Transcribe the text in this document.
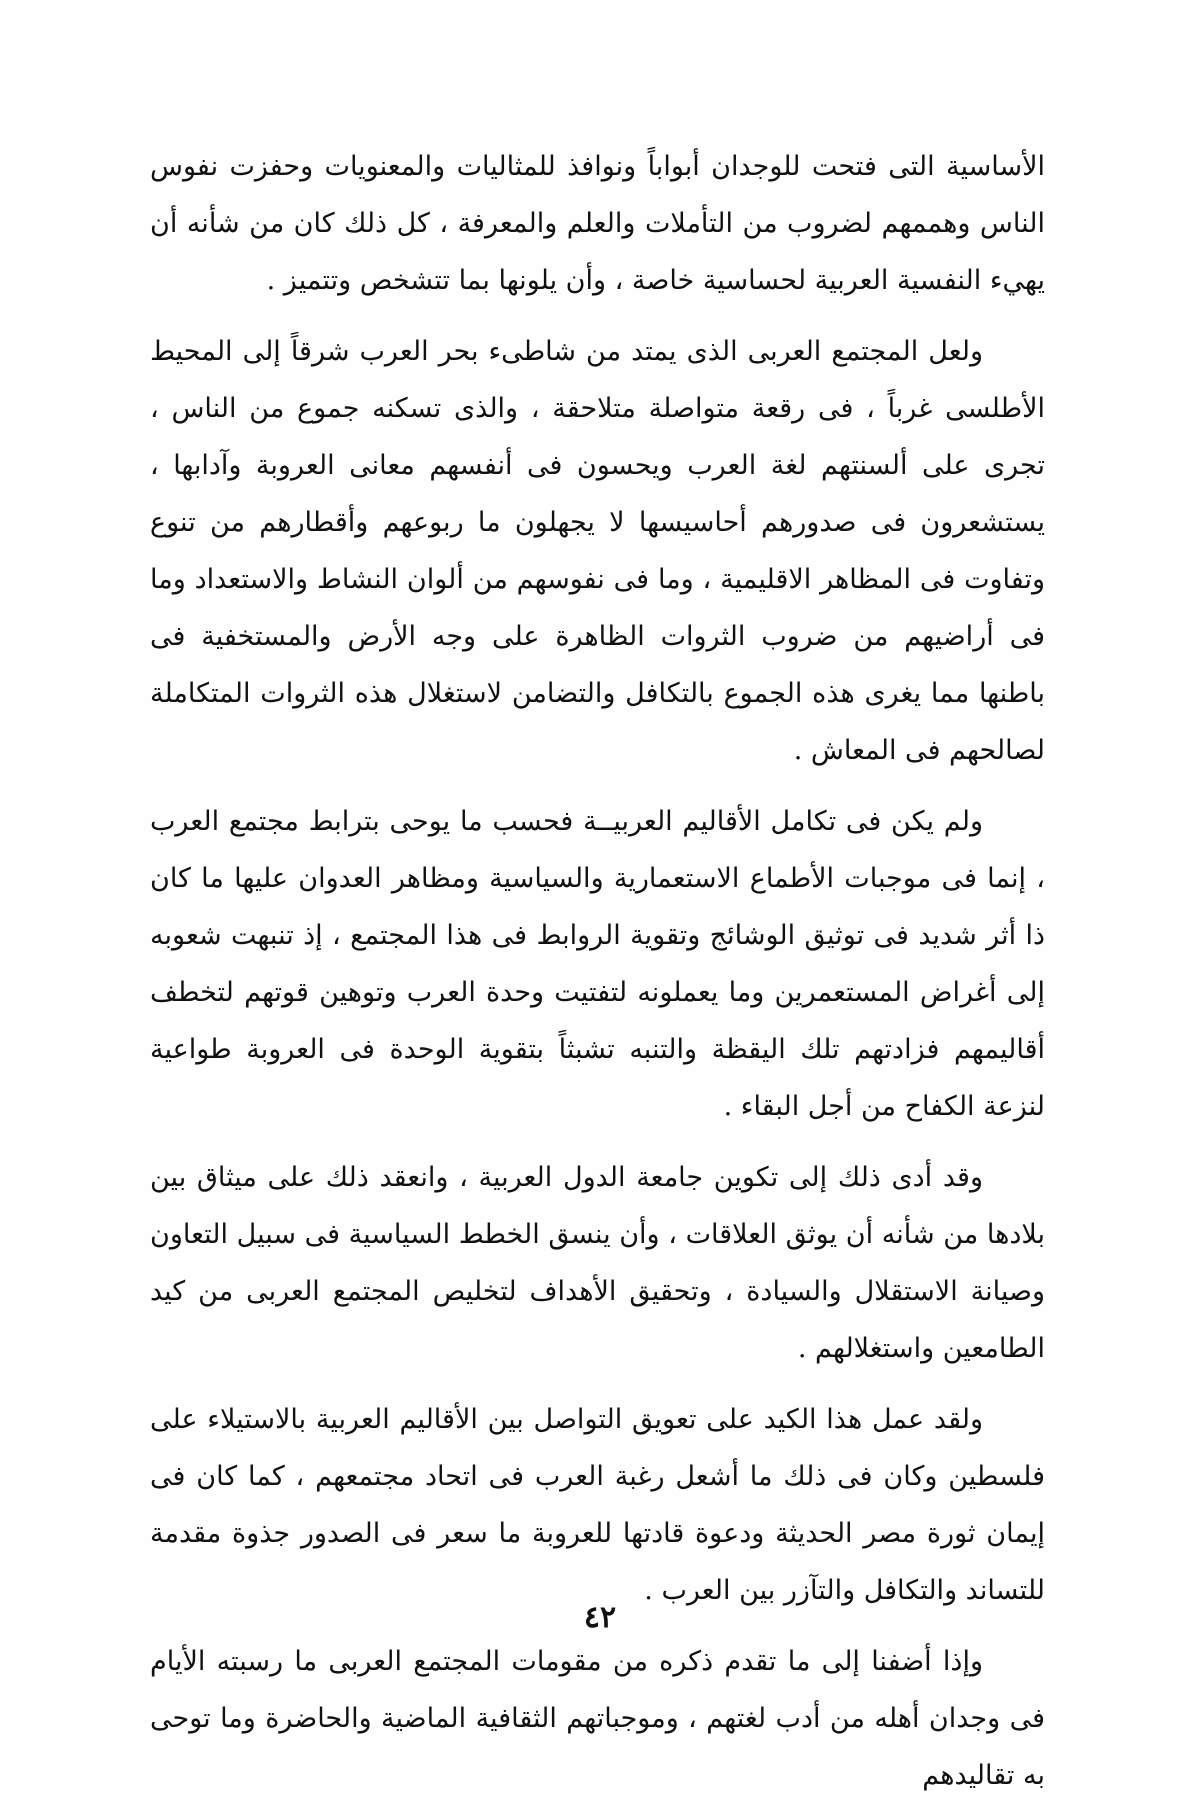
الأساسية التى فتحت للوجدان أبواباً ونوافذ للمثاليات والمعنويات وحفزت نفوس الناس وهممهم لضروب من التأملات والعلم والمعرفة ، كل ذلك كان من شأنه أن يهيء النفسية العربية لحساسية خاصة ، وأن يلونها بما تتشخص وتتميز .

ولعل المجتمع العربى الذى يمتد من شاطىء بحر العرب شرقاً إلى المحيط الأطلسى غرباً ، فى رقعة متواصلة متلاحقة ، والذى تسكنه جموع من الناس ، تجرى على ألسنتهم لغة العرب ويحسون فى أنفسهم معانى العروبة وآدابها ، يستشعرون فى صدورهم أحاسيسها لا يجهلون ما ربوعهم وأقطارهم من تنوع وتفاوت فى المظاهر الاقليمية ، وما فى نفوسهم من ألوان النشاط والاستعداد وما فى أراضيهم من ضروب الثروات الظاهرة على وجه الأرض والمستخفية فى باطنها مما يغرى هذه الجموع بالتكافل والتضامن لاستغلال هذه الثروات المتكاملة لصالحهم فى المعاش .

ولم يكن فى تكامل الأقاليم العربيــة فحسب ما يوحى بترابط مجتمع العرب ، إنما فى موجبات الأطماع الاستعمارية والسياسية ومظاهر العدوان عليها ما كان ذا أثر شديد فى توثيق الوشائج وتقوية الروابط فى هذا المجتمع ، إذ تنبهت شعوبه إلى أغراض المستعمرين وما يعملونه لتفتيت وحدة العرب وتوهين قوتهم لتخطف أقاليمهم فزادتهم تلك اليقظة والتنبه تشبثاً بتقوية الوحدة فى العروبة طواعية لنزعة الكفاح من أجل البقاء .

وقد أدى ذلك إلى تكوين جامعة الدول العربية ، وانعقد ذلك على ميثاق بين بلادها من شأنه أن يوثق العلاقات ، وأن ينسق الخطط السياسية فى سبيل التعاون وصيانة الاستقلال والسيادة ، وتحقيق الأهداف لتخليص المجتمع العربى من كيد الطامعين واستغلالهم .

ولقد عمل هذا الكيد على تعويق التواصل بين الأقاليم العربية بالاستيلاء على فلسطين وكان فى ذلك ما أشعل رغبة العرب فى اتحاد مجتمعهم ، كما كان فى إيمان ثورة مصر الحديثة ودعوة قادتها للعروبة ما سعر فى الصدور جذوة مقدمة للتساند والتكافل والتآزر بين العرب .

وإذا أضفنا إلى ما تقدم ذكره من مقومات المجتمع العربى ما رسبته الأيام فى وجدان أهله من أدب لغتهم ، وموجباتهم الثقافية الماضية والحاضرة وما توحى به تقاليدهم

٤٢
